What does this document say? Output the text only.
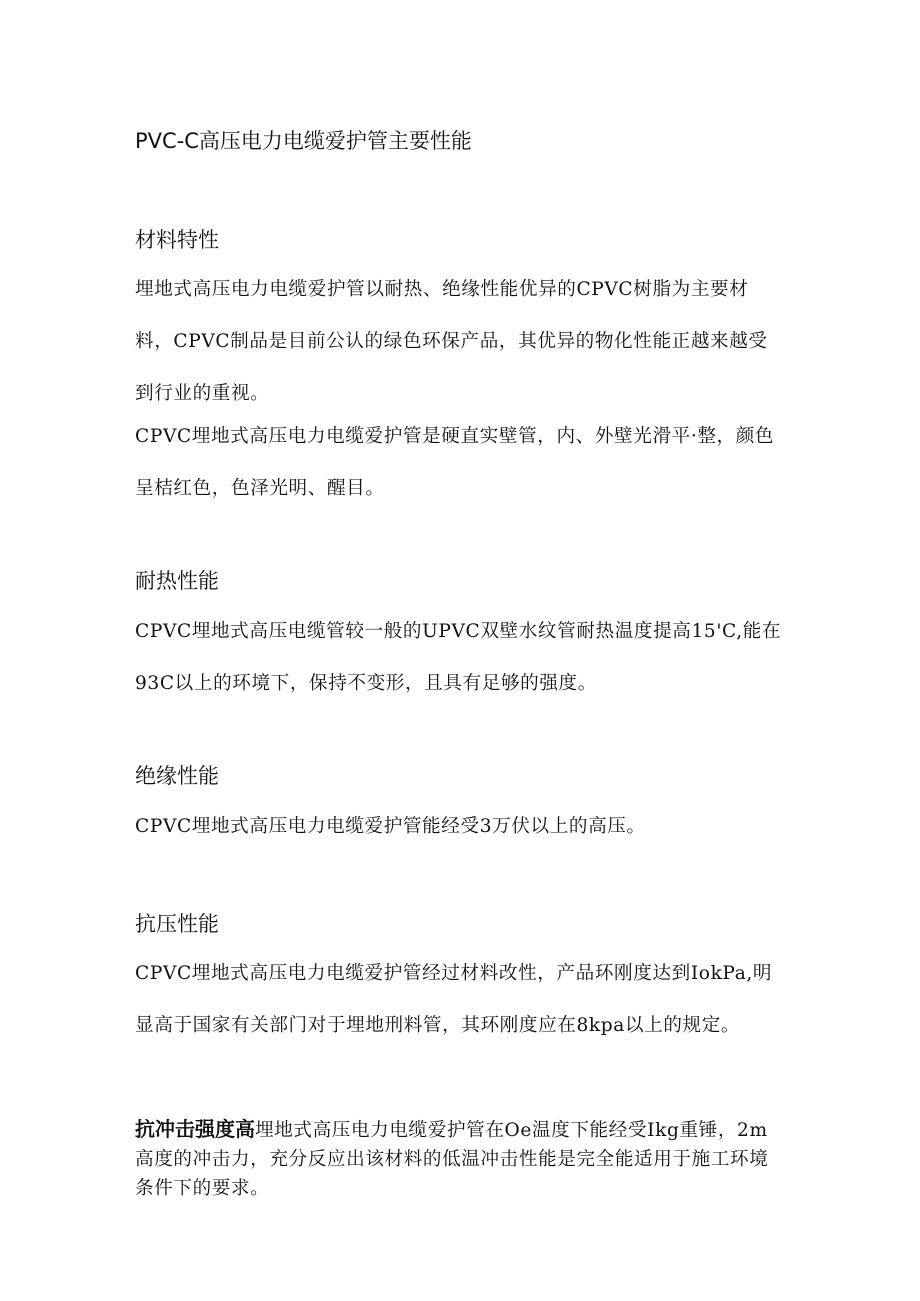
PVC-C高压电力电缆爱护管主要性能
材料特性

埋地式高压电力电缆爱护管以耐热、绝缘性能优异的CPVC树脂为主要材料，CPVC制品是目前公认的绿色环保产品，其优异的物化性能正越来越受到行业的重视。

CPVC埋地式高压电力电缆爱护管是硬直实壁管，内、外壁光滑平·整，颜色呈桔红色，色泽光明、醒目。

耐热性能

CPVC埋地式高压电缆管较一般的UPVC双壁水纹管耐热温度提高15'C,能在93C以上的环境下，保持不变形，且具有足够的强度。

绝缘性能

CPVC埋地式高压电力电缆爱护管能经受3万伏以上的高压。

抗压性能

CPVC埋地式高压电力电缆爱护管经过材料改性，产品环刚度达到IokPa,明显高于国家有关部门对于埋地刑料管，其环刚度应在8kpa以上的规定。

抗冲击强度高埋地式高压电力电缆爱护管在Oe温度下能经受Ikg重锤，2m高度的冲击力，充分反应出该材料的低温冲击性能是完全能适用于施工环境条件下的要求。
